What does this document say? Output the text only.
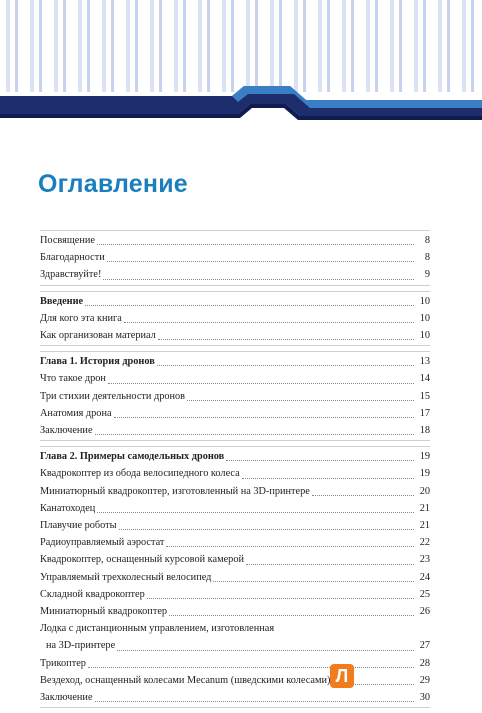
Оглавление
Посвящение	8
Благодарности	8
Здравствуйте!	9
Введение	10
Для кого эта книга	10
Как организован материал	10
Глава 1. История дронов	13
Что такое дрон	14
Три стихии деятельности дронов	15
Анатомия дрона	17
Заключение	18
Глава 2. Примеры самодельных дронов	19
Квадрокоптер из обода велосипедного колеса	19
Миниатюрный квадрокоптер, изготовленный на 3D-принтере	20
Канатоходец	21
Плавучие роботы	21
Радиоуправляемый аэростат	22
Квадрокоптер, оснащенный курсовой камерой	23
Управляемый трехколесный велосипед	24
Складной квадрокоптер	25
Миниатюрный квадрокоптер	26
Лодка с дистанционным управлением, изготовленная
на 3D-принтере	27
Трикоптер	28
Вездеход, оснащенный колесами Mecanum (шведскими колесами)	29
Заключение	30
Л
